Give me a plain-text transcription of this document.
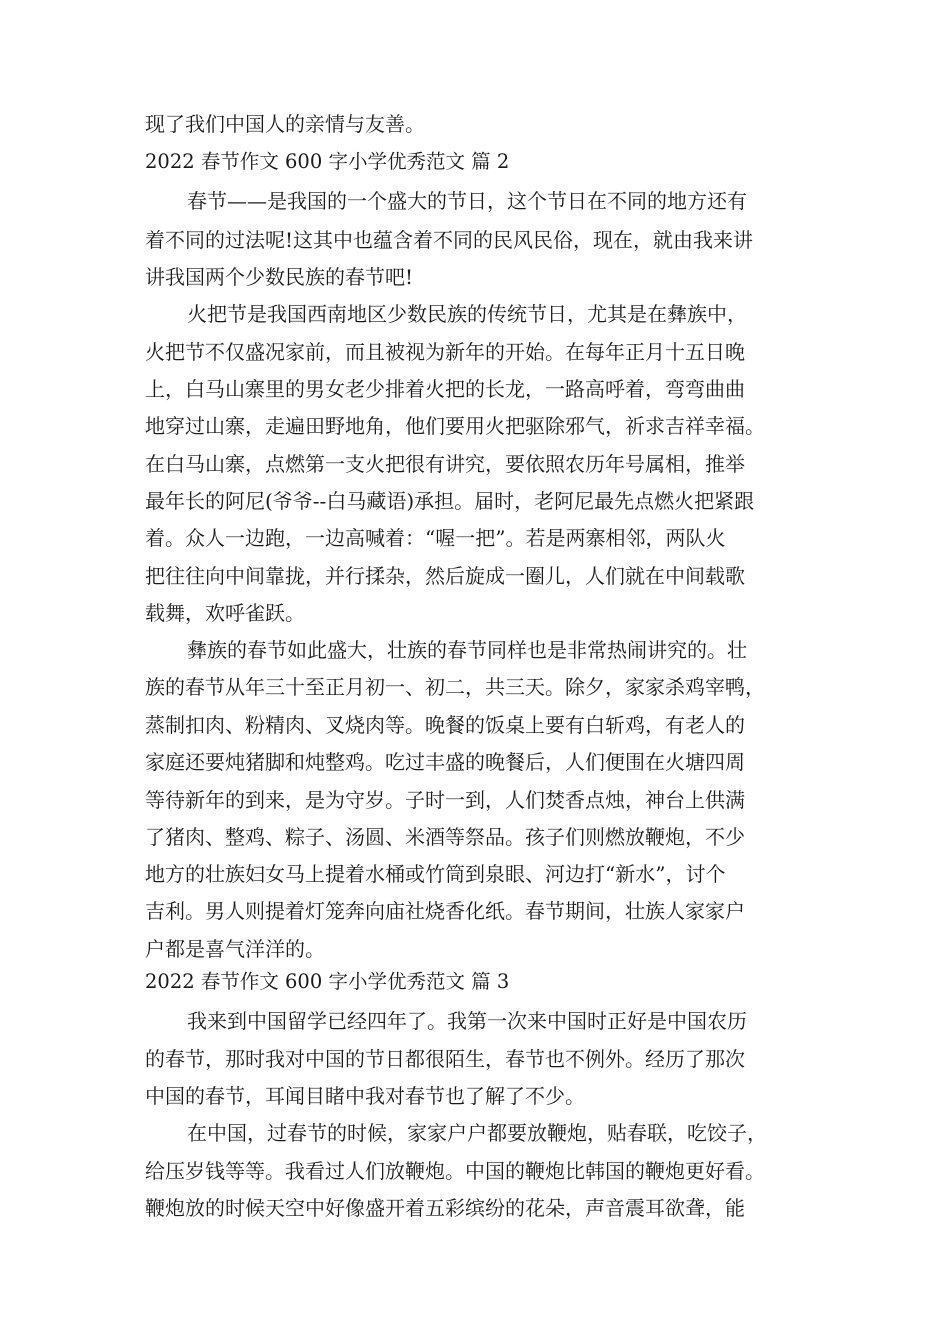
现了我们中国人的亲情与友善。
2022 春节作文 600 字小学优秀范文 篇 2
春节——是我国的一个盛大的节日，这个节日在不同的地方还有
着不同的过法呢!这其中也蕴含着不同的民风民俗，现在，就由我来讲
讲我国两个少数民族的春节吧!
火把节是我国西南地区少数民族的传统节日，尤其是在彝族中，
火把节不仅盛况家前，而且被视为新年的开始。在每年正月十五日晚
上，白马山寨里的男女老少排着火把的长龙，一路高呼着，弯弯曲曲
地穿过山寨，走遍田野地角，他们要用火把驱除邪气，祈求吉祥幸福。
在白马山寨，点燃第一支火把很有讲究，要依照农历年号属相，推举
最年长的阿尼(爷爷--白马藏语)承担。届时，老阿尼最先点燃火把紧跟
着。众人一边跑，一边高喊着：“喔一把”。若是两寨相邻，两队火
把往往向中间靠拢，并行揉杂，然后旋成一圈儿，人们就在中间载歌
载舞，欢呼雀跃。
彝族的春节如此盛大，壮族的春节同样也是非常热闹讲究的。壮
族的春节从年三十至正月初一、初二，共三天。除夕，家家杀鸡宰鸭，
蒸制扣肉、粉精肉、叉烧肉等。晚餐的饭桌上要有白斩鸡，有老人的
家庭还要炖猪脚和炖整鸡。吃过丰盛的晚餐后，人们便围在火塘四周
等待新年的到来，是为守岁。子时一到，人们焚香点烛，神台上供满
了猪肉、整鸡、粽子、汤圆、米酒等祭品。孩子们则燃放鞭炮，不少
地方的壮族妇女马上提着水桶或竹筒到泉眼、河边打“新水”，讨个
吉利。男人则提着灯笼奔向庙社烧香化纸。春节期间，壮族人家家户
户都是喜气洋洋的。
2022 春节作文 600 字小学优秀范文 篇 3
我来到中国留学已经四年了。我第一次来中国时正好是中国农历
的春节，那时我对中国的节日都很陌生，春节也不例外。经历了那次
中国的春节，耳闻目睹中我对春节也了解了不少。
在中国，过春节的时候，家家户户都要放鞭炮，贴春联，吃饺子，
给压岁钱等等。我看过人们放鞭炮。中国的鞭炮比韩国的鞭炮更好看。
鞭炮放的时候天空中好像盛开着五彩缤纷的花朵，声音震耳欲聋，能
